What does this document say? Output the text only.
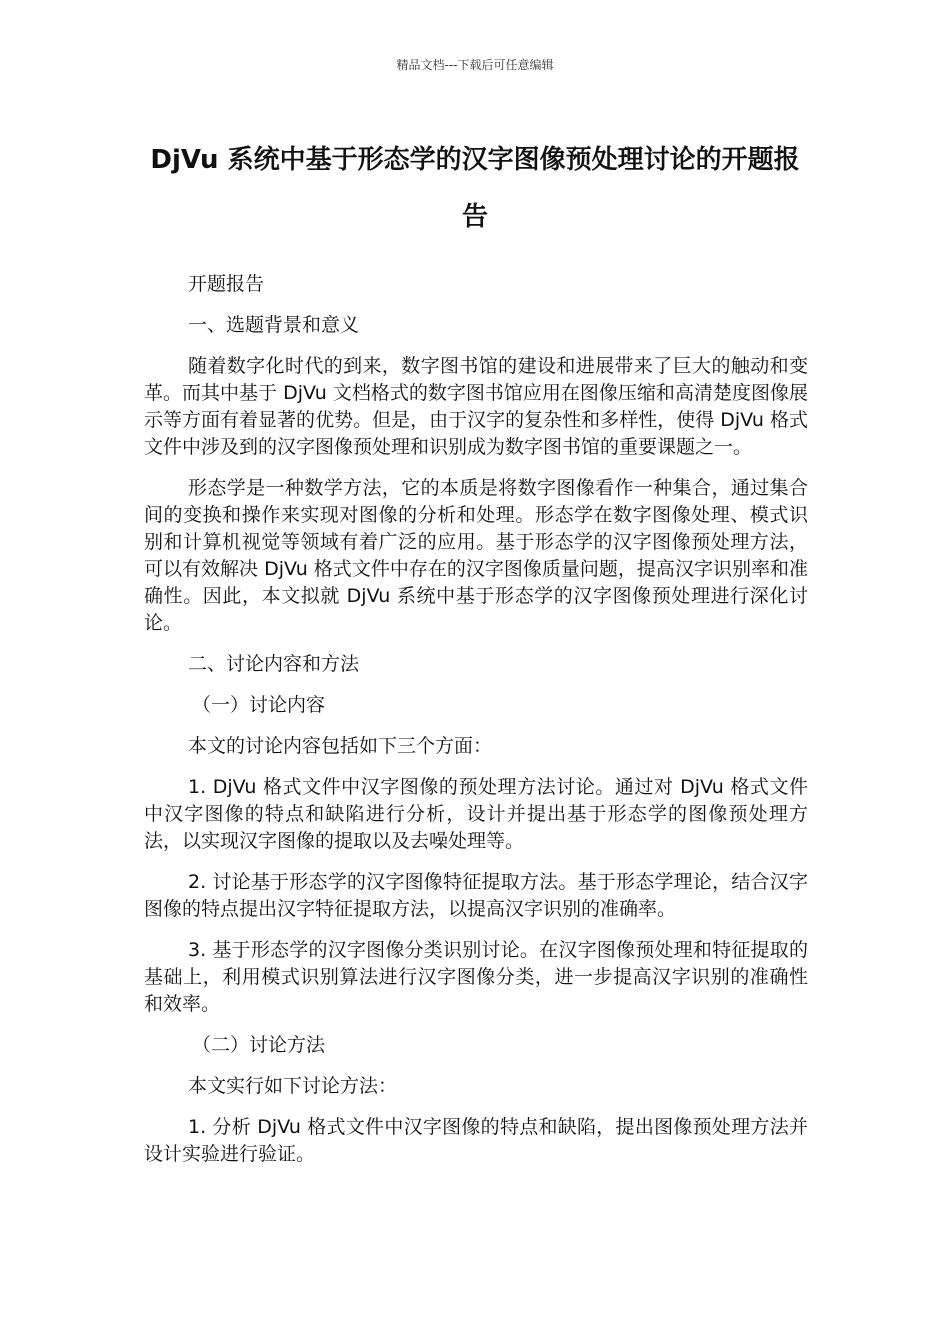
精品文档---下载后可任意编辑
DjVu 系统中基于形态学的汉字图像预处理讨论的开题报告

开题报告

一、选题背景和意义

随着数字化时代的到来，数字图书馆的建设和进展带来了巨大的触动和变革。而其中基于 DjVu 文档格式的数字图书馆应用在图像压缩和高清楚度图像展示等方面有着显著的优势。但是，由于汉字的复杂性和多样性，使得 DjVu 格式文件中涉及到的汉字图像预处理和识别成为数字图书馆的重要课题之一。

形态学是一种数学方法，它的本质是将数字图像看作一种集合，通过集合间的变换和操作来实现对图像的分析和处理。形态学在数字图像处理、模式识别和计算机视觉等领域有着广泛的应用。基于形态学的汉字图像预处理方法，可以有效解决 DjVu 格式文件中存在的汉字图像质量问题，提高汉字识别率和准确性。因此，本文拟就 DjVu 系统中基于形态学的汉字图像预处理进行深化讨论。

二、讨论内容和方法

（一）讨论内容

本文的讨论内容包括如下三个方面：

1. DjVu 格式文件中汉字图像的预处理方法讨论。通过对 DjVu 格式文件中汉字图像的特点和缺陷进行分析，设计并提出基于形态学的图像预处理方法，以实现汉字图像的提取以及去噪处理等。

2. 讨论基于形态学的汉字图像特征提取方法。基于形态学理论，结合汉字图像的特点提出汉字特征提取方法，以提高汉字识别的准确率。

3. 基于形态学的汉字图像分类识别讨论。在汉字图像预处理和特征提取的基础上，利用模式识别算法进行汉字图像分类，进一步提高汉字识别的准确性和效率。

（二）讨论方法

本文实行如下讨论方法：

1. 分析 DjVu 格式文件中汉字图像的特点和缺陷，提出图像预处理方法并设计实验进行验证。
